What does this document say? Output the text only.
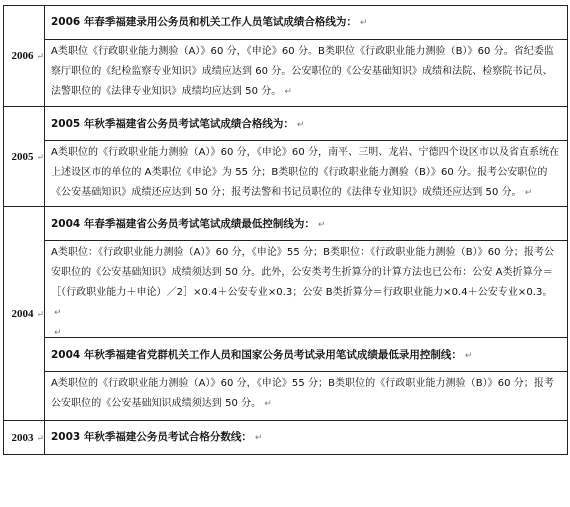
2006 ↵	2006 年春季福建录用公务员和机关工作人员笔试成绩合格线为： ↵

	A类职位《行政职业能力测验（A）》60 分，《申论》60 分。B类职位《行政职业能力测验（B）》60 分。省纪委监察厅职位的《纪检监察专业知识》成绩应达到 60 分。公安职位的《公安基础知识》成绩和法院、检察院书记员、法警职位的《法律专业知识》成绩均应达到 50 分。 ↵

2005 ↵	2005 年秋季福建省公务员考试笔试成绩合格线为： ↵

	A类职位的《行政职业能力测验（A）》60 分，《申论》60 分，南平、三明、龙岩、宁德四个设区市以及省直系统在上述设区市的单位的 A类职位《申论》为 55 分；B类职位的《行政职业能力测验（B）》60 分。报考公安职位的《公安基础知识》成绩还应达到 50 分；报考法警和书记员职位的《法律专业知识》成绩还应达到 50 分。 ↵

2004 ↵	2004 年春季福建省公务员考试笔试成绩最低控制线为： ↵

	A类职位：《行政职业能力测验（A）》60 分，《申论》55 分；B类职位：《行政职业能力测验（B）》60 分；报考公安职位的《公安基础知识》成绩须达到 50 分。此外，公安类考生折算分的计算方法也已公布：公安 A类折算分＝［（行政职业能力＋申论）／2］×0.4＋公安专业×0.3；公安 B类折算分＝行政职业能力×0.4＋公安专业×0.3。↵
↵

	2004 年秋季福建省党群机关工作人员和国家公务员考试录用笔试成绩最低录用控制线： ↵

	A类职位的《行政职业能力测验（A）》60 分，《申论》55 分；B类职位的《行政职业能力测验（B）》60 分；报考公安职位的《公安基础知识成绩须达到 50 分。 ↵

2003 ↵	2003 年秋季福建公务员考试合格分数线： ↵
